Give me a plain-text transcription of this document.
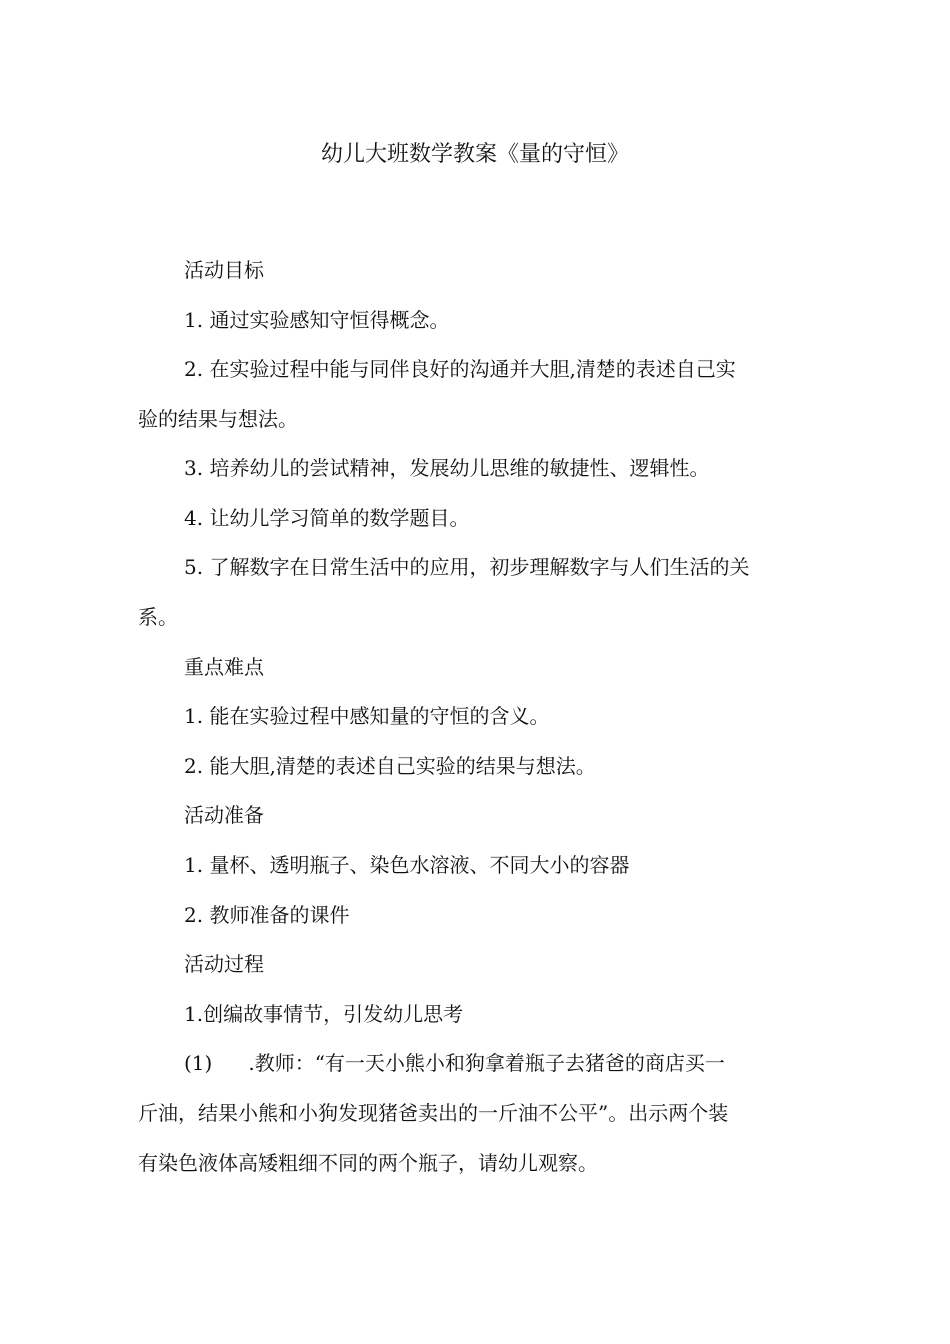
幼儿大班数学教案《量的守恒》
活动目标
1. 通过实验感知守恒得概念。
2. 在实验过程中能与同伴良好的沟通并大胆,清楚的表述自己实
验的结果与想法。
3. 培养幼儿的尝试精神，发展幼儿思维的敏捷性、逻辑性。
4. 让幼儿学习简单的数学题目。
5. 了解数字在日常生活中的应用，初步理解数字与人们生活的关
系。
重点难点
1. 能在实验过程中感知量的守恒的含义。
2. 能大胆,清楚的表述自己实验的结果与想法。
活动准备
1. 量杯、透明瓶子、染色水溶液、不同大小的容器
2. 教师准备的课件
活动过程
1.创编故事情节，引发幼儿思考
(1) .教师：“有一天小熊小和狗拿着瓶子去猪爸的商店买一
斤油，结果小熊和小狗发现猪爸卖出的一斤油不公平”。出示两个装
有染色液体高矮粗细不同的两个瓶子，请幼儿观察。
